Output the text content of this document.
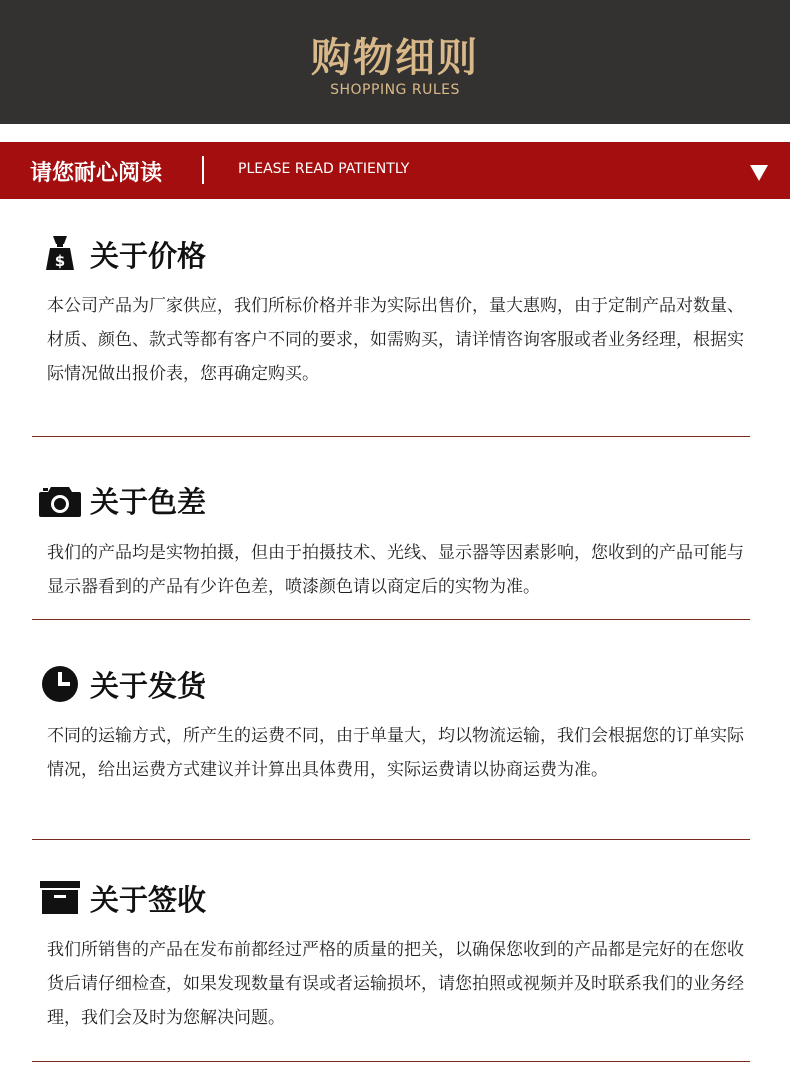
购物细则
SHOPPING RULES
请您耐心阅读	PLEASE READ PATIENTLY
$ 关于价格
本公司产品为厂家供应，我们所标价格并非为实际出售价，量大惠购，由于定制产品对数量、材质、颜色、款式等都有客户不同的要求，如需购买，请详情咨询客服或者业务经理，根据实际情况做出报价表，您再确定购买。
关于色差
我们的产品均是实物拍摄，但由于拍摄技术、光线、显示器等因素影响，您收到的产品可能与显示器看到的产品有少许色差，喷漆颜色请以商定后的实物为准。
关于发货
不同的运输方式，所产生的运费不同，由于单量大，均以物流运输，我们会根据您的订单实际情况，给出运费方式建议并计算出具体费用，实际运费请以协商运费为准。
关于签收
我们所销售的产品在发布前都经过严格的质量的把关，以确保您收到的产品都是完好的在您收货后请仔细检查，如果发现数量有误或者运输损坏，请您拍照或视频并及时联系我们的业务经理，我们会及时为您解决问题。
